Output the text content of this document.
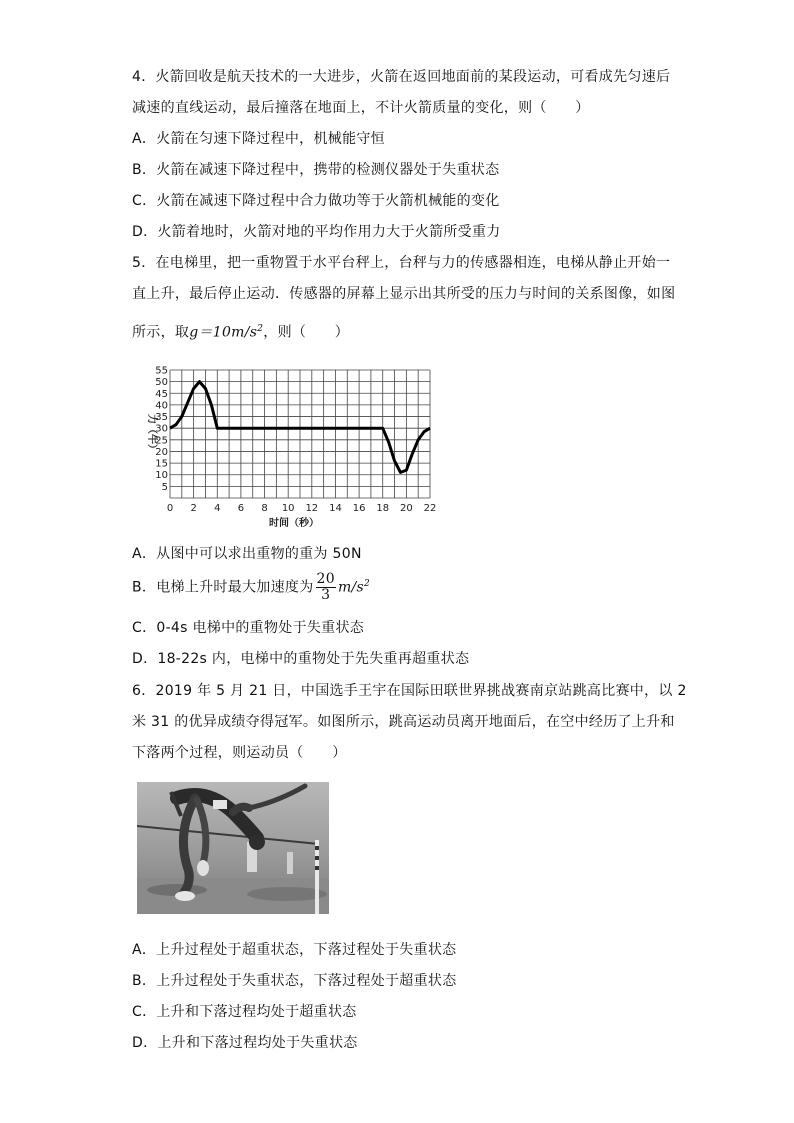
4．火箭回收是航天技术的一大进步，火箭在返回地面前的某段运动，可看成先匀速后
减速的直线运动，最后撞落在地面上，不计火箭质量的变化，则（　　）
A．火箭在匀速下降过程中，机械能守恒
B．火箭在减速下降过程中，携带的检测仪器处于失重状态
C．火箭在减速下降过程中合力做功等于火箭机械能的变化
D．火箭着地时，火箭对地的平均作用力大于火箭所受重力
5．在电梯里，把一重物置于水平台秤上，台秤与力的传感器相连，电梯从静止开始一
直上升，最后停止运动．传感器的屏幕上显示出其所受的压力与时间的关系图像，如图
所示，取$g=10m/s^2$，则（　　）
0 2 4 6 8 10 12 14 16 18 20 22
5
10
15
20
25
30
35
40
45
50
55
力（牛）
时间（秒）
A．从图中可以求出重物的重为 50N
B．电梯上升时最大加速度为 $\frac{20}{3} m/s^2$
C．0-4s 电梯中的重物处于失重状态
D．18-22s 内，电梯中的重物处于先失重再超重状态
6．2019 年 5 月 21 日，中国选手王宇在国际田联世界挑战赛南京站跳高比赛中，以 2
米 31 的优异成绩夺得冠军。如图所示，跳高运动员离开地面后，在空中经历了上升和
下落两个过程，则运动员（　　）
A．上升过程处于超重状态，下落过程处于失重状态
B．上升过程处于失重状态，下落过程处于超重状态
C．上升和下落过程均处于超重状态
D．上升和下落过程均处于失重状态
